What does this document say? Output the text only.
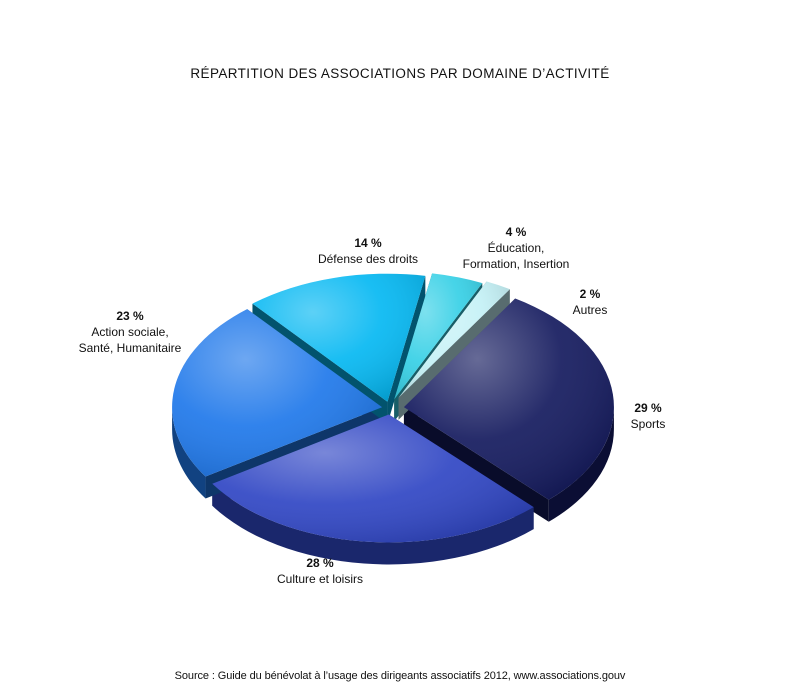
RÉPARTITION DES ASSOCIATIONS PAR DOMAINE D’ACTIVITÉ
29 %
Sports
28 %
Culture et loisirs
23 %
Action sociale,
Santé, Humanitaire
14 %
Défense des droits
4 %
Éducation,
Formation, Insertion
2 %
Autres
Source : Guide du bénévolat à l’usage des dirigeants associatifs 2012, www.associations.gouv
